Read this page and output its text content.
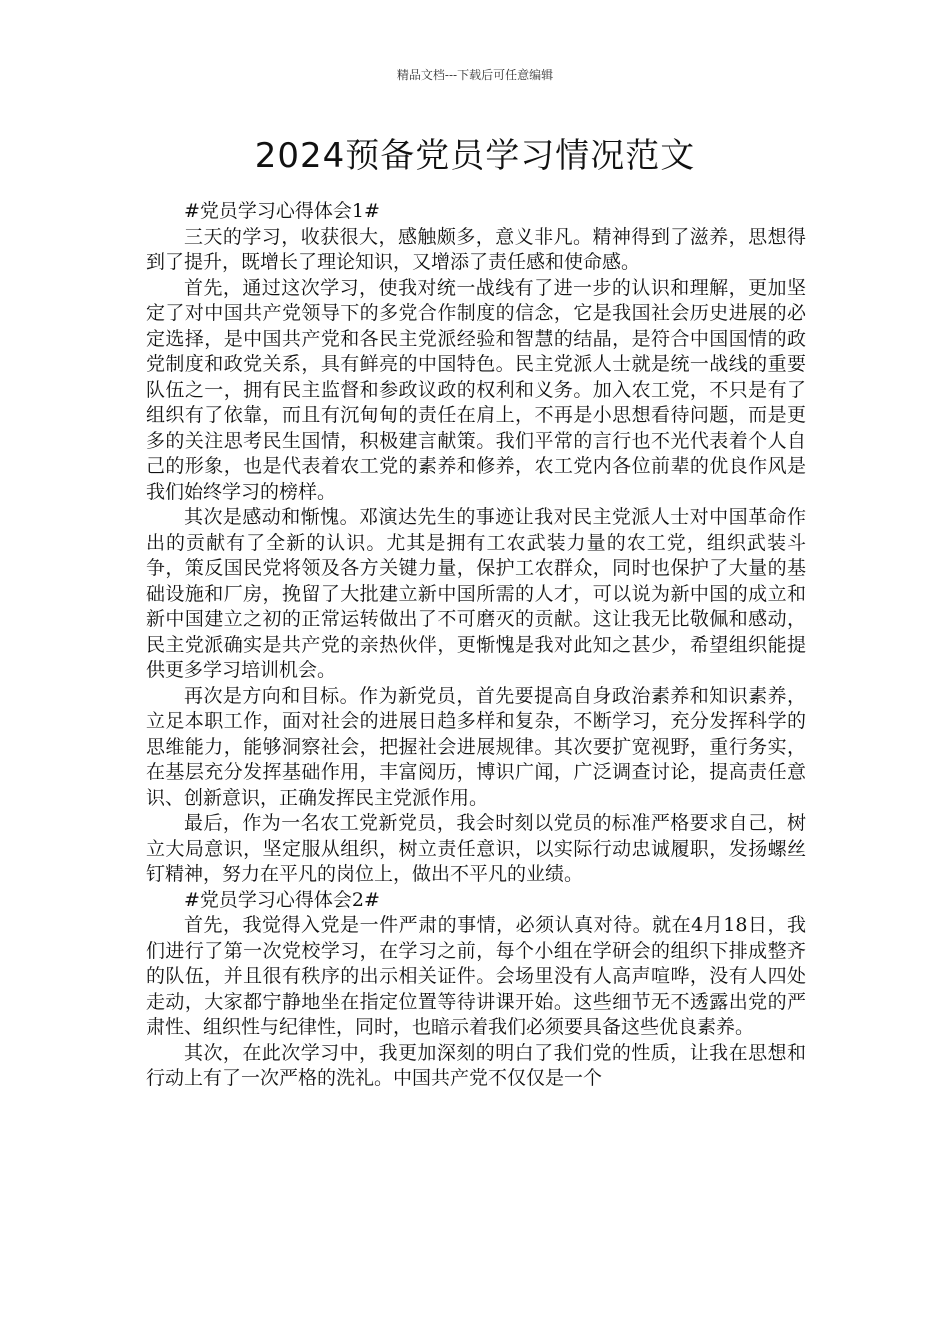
精品文档---下载后可任意编辑
2024预备党员学习情况范文

#党员学习心得体会1#

三天的学习，收获很大，感触颇多，意义非凡。精神得到了滋养，思想得到了提升，既增长了理论知识，又增添了责任感和使命感。

首先，通过这次学习，使我对统一战线有了进一步的认识和理解，更加坚定了对中国共产党领导下的多党合作制度的信念，它是我国社会历史进展的必定选择，是中国共产党和各民主党派经验和智慧的结晶，是符合中国国情的政党制度和政党关系，具有鲜亮的中国特色。民主党派人士就是统一战线的重要队伍之一，拥有民主监督和参政议政的权利和义务。加入农工党，不只是有了组织有了依靠，而且有沉甸甸的责任在肩上，不再是小思想看待问题，而是更多的关注思考民生国情，积极建言献策。我们平常的言行也不光代表着个人自己的形象，也是代表着农工党的素养和修养，农工党内各位前辈的优良作风是我们始终学习的榜样。

其次是感动和惭愧。邓演达先生的事迹让我对民主党派人士对中国革命作出的贡献有了全新的认识。尤其是拥有工农武装力量的农工党，组织武装斗争，策反国民党将领及各方关键力量，保护工农群众，同时也保护了大量的基础设施和厂房，挽留了大批建立新中国所需的人才，可以说为新中国的成立和新中国建立之初的正常运转做出了不可磨灭的贡献。这让我无比敬佩和感动，民主党派确实是共产党的亲热伙伴，更惭愧是我对此知之甚少，希望组织能提供更多学习培训机会。

再次是方向和目标。作为新党员，首先要提高自身政治素养和知识素养，立足本职工作，面对社会的进展日趋多样和复杂，不断学习，充分发挥科学的思维能力，能够洞察社会，把握社会进展规律。其次要扩宽视野，重行务实，在基层充分发挥基础作用，丰富阅历，博识广闻，广泛调查讨论，提高责任意识、创新意识，正确发挥民主党派作用。

最后，作为一名农工党新党员，我会时刻以党员的标准严格要求自己，树立大局意识，坚定服从组织，树立责任意识，以实际行动忠诚履职，发扬螺丝钉精神，努力在平凡的岗位上，做出不平凡的业绩。

#党员学习心得体会2#

首先，我觉得入党是一件严肃的事情，必须认真对待。就在4月18日，我们进行了第一次党校学习，在学习之前，每个小组在学研会的组织下排成整齐的队伍，并且很有秩序的出示相关证件。会场里没有人高声喧哗，没有人四处走动，大家都宁静地坐在指定位置等待讲课开始。这些细节无不透露出党的严肃性、组织性与纪律性，同时，也暗示着我们必须要具备这些优良素养。

其次，在此次学习中，我更加深刻的明白了我们党的性质，让我在思想和行动上有了一次严格的洗礼。中国共产党不仅仅是一个
